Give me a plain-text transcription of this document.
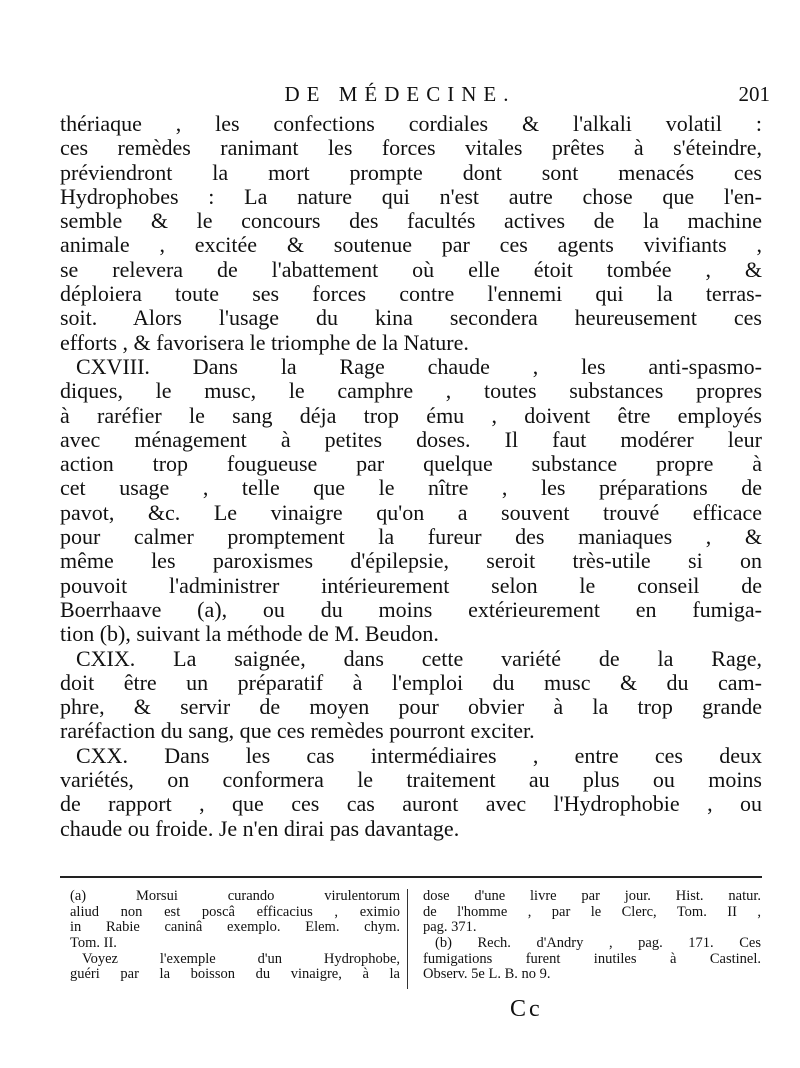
DE MÉDECINE.	201
thériaque , les confections cordiales & l'alkali volatil :
ces remèdes ranimant les forces vitales prêtes à s'éteindre,
préviendront la mort prompte dont sont menacés ces
Hydrophobes : La nature qui n'est autre chose que l'en-
semble & le concours des facultés actives de la machine
animale , excitée & soutenue par ces agents vivifiants ,
se relevera de l'abattement où elle étoit tombée , &
déploiera toute ses forces contre l'ennemi qui la terras-
soit. Alors l'usage du kina secondera heureusement ces
efforts , & favorisera le triomphe de la Nature.
CXVIII. Dans la Rage chaude , les anti-spasmo-
diques, le musc, le camphre , toutes substances propres
à raréfier le sang déja trop ému , doivent être employés
avec ménagement à petites doses. Il faut modérer leur
action trop fougueuse par quelque substance propre à
cet usage , telle que le nître , les préparations de
pavot, &c. Le vinaigre qu'on a souvent trouvé efficace
pour calmer promptement la fureur des maniaques , &
même les paroxismes d'épilepsie, seroit très-utile si on
pouvoit l'administrer intérieurement selon le conseil de
Boerrhaave (a), ou du moins extérieurement en fumiga-
tion (b), suivant la méthode de M. Beudon.
CXIX. La saignée, dans cette variété de la Rage,
doit être un préparatif à l'emploi du musc & du cam-
phre, & servir de moyen pour obvier à la trop grande
raréfaction du sang, que ces remèdes pourront exciter.
CXX. Dans les cas intermédiaires , entre ces deux
variétés, on conformera le traitement au plus ou moins
de rapport , que ces cas auront avec l'Hydrophobie , ou
chaude ou froide. Je n'en dirai pas davantage.
(a) Morsui curando virulentorum
aliud non est poscâ efficacius , eximio
in Rabie caninâ exemplo. Elem. chym.
Tom. II.
Voyez l'exemple d'un Hydrophobe,
guéri par la boisson du vinaigre, à la
dose d'une livre par jour. Hist. natur.
de l'homme , par le Clerc, Tom. II ,
pag. 371.
(b) Rech. d'Andry , pag. 171. Ces
fumigations furent inutiles à Castinel.
Observ. 5e L. B. no 9.
Cc
